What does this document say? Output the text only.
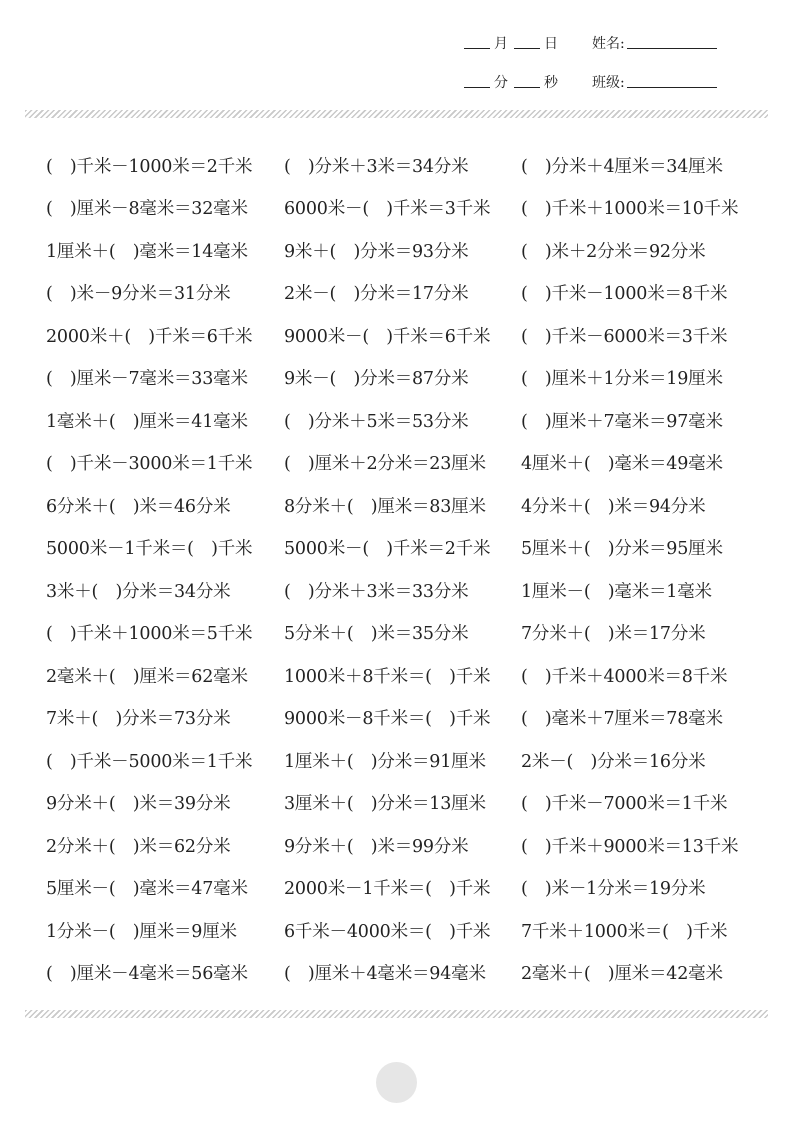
月	日 姓名:
分	秒 班级:
( )千米－1000米＝2千米	( )分米＋3米＝34分米	( )分米＋4厘米＝34厘米
( )厘米－8毫米＝32毫米	6000米－( )千米＝3千米	( )千米＋1000米＝10千米
1厘米＋( )毫米＝14毫米	9米＋( )分米＝93分米	( )米＋2分米＝92分米
( )米－9分米＝31分米	2米－( )分米＝17分米	( )千米－1000米＝8千米
2000米＋( )千米＝6千米	9000米－( )千米＝6千米	( )千米－6000米＝3千米
( )厘米－7毫米＝33毫米	9米－( )分米＝87分米	( )厘米＋1分米＝19厘米
1毫米＋( )厘米＝41毫米	( )分米＋5米＝53分米	( )厘米＋7毫米＝97毫米
( )千米－3000米＝1千米	( )厘米＋2分米＝23厘米	4厘米＋( )毫米＝49毫米
6分米＋( )米＝46分米	8分米＋( )厘米＝83厘米	4分米＋( )米＝94分米
5000米－1千米＝( )千米	5000米－( )千米＝2千米	5厘米＋( )分米＝95厘米
3米＋( )分米＝34分米	( )分米＋3米＝33分米	1厘米－( )毫米＝1毫米
( )千米＋1000米＝5千米	5分米＋( )米＝35分米	7分米＋( )米＝17分米
2毫米＋( )厘米＝62毫米	1000米＋8千米＝( )千米	( )千米＋4000米＝8千米
7米＋( )分米＝73分米	9000米－8千米＝( )千米	( )毫米＋7厘米＝78毫米
( )千米－5000米＝1千米	1厘米＋( )分米＝91厘米	2米－( )分米＝16分米
9分米＋( )米＝39分米	3厘米＋( )分米＝13厘米	( )千米－7000米＝1千米
2分米＋( )米＝62分米	9分米＋( )米＝99分米	( )千米＋9000米＝13千米
5厘米－( )毫米＝47毫米	2000米－1千米＝( )千米	( )米－1分米＝19分米
1分米－( )厘米＝9厘米	6千米－4000米＝( )千米	7千米＋1000米＝( )千米
( )厘米－4毫米＝56毫米	( )厘米＋4毫米＝94毫米	2毫米＋( )厘米＝42毫米
